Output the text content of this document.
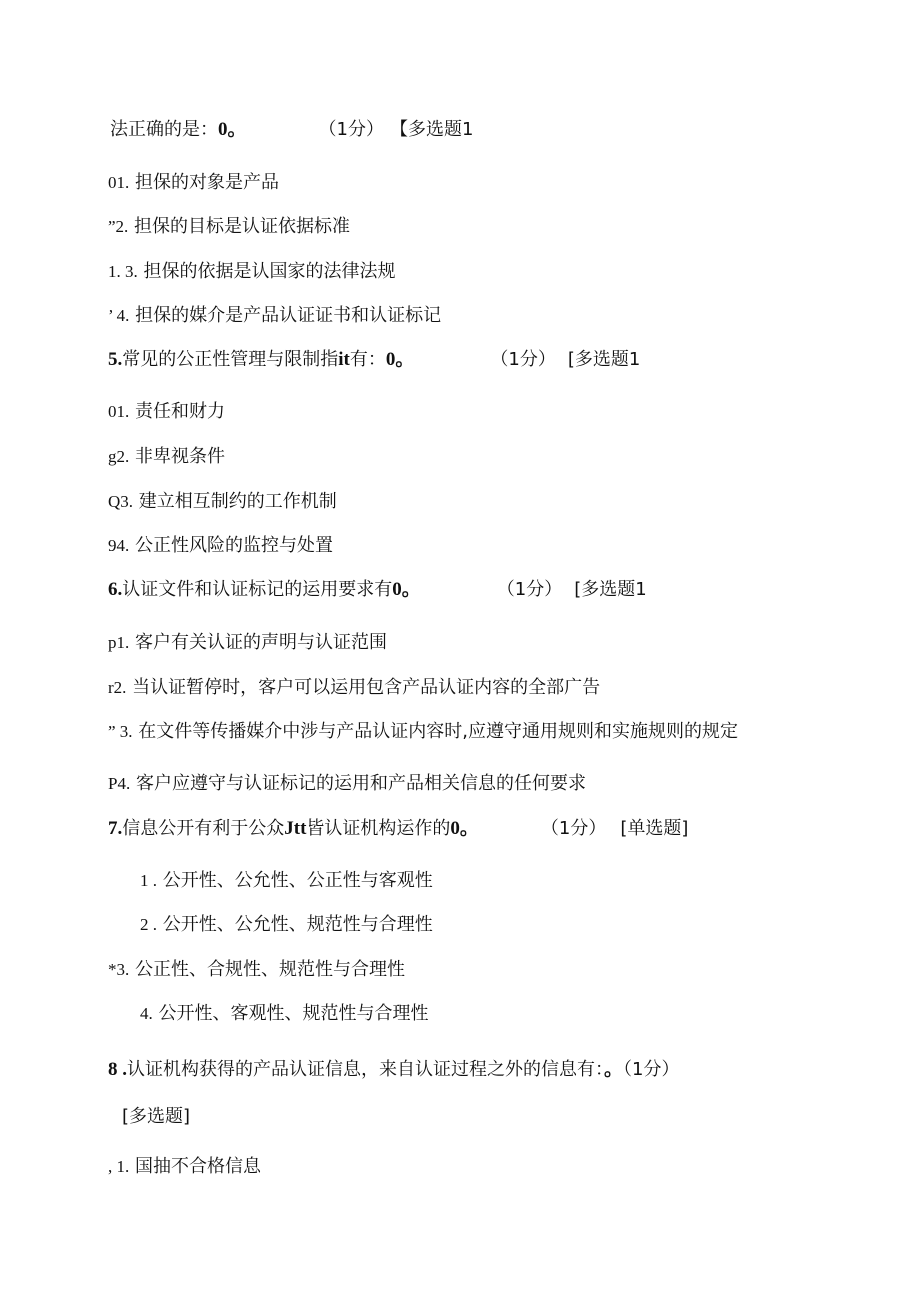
法正确的是：0。	（1分） 【多选题1
01. 担保的对象是产品
”2. 担保的目标是认证依据标准
1. 3. 担保的依据是认国家的法律法规
’ 4. 担保的媒介是产品认证证书和认证标记
5.常见的公正性管理与限制指it有：0。	（1分） [多选题1
01. 责任和财力
g2. 非卑视条件
Q3. 建立相互制约的工作机制
94. 公正性风险的监控与处置
6.认证文件和认证标记的运用要求有0。	（1分） [多选题1
p1. 客户有关认证的声明与认证范围
r2. 当认证暂停时，客户可以运用包含产品认证内容的全部广告
” 3. 在文件等传播媒介中涉与产品认证内容时,应遵守通用规则和实施规则的规定
P4. 客户应遵守与认证标记的运用和产品相关信息的任何要求
7.信息公开有利于公众Jtt皆认证机构运作的0。	（1分） [单选题]
1 . 公开性、公允性、公正性与客观性
2 . 公开性、公允性、规范性与合理性
*3. 公正性、合规性、规范性与合理性
4. 公开性、客观性、规范性与合理性
8 .认证机构获得的产品认证信息，来自认证过程之外的信息有：。（1分）
[多选题]
, 1. 国抽不合格信息
